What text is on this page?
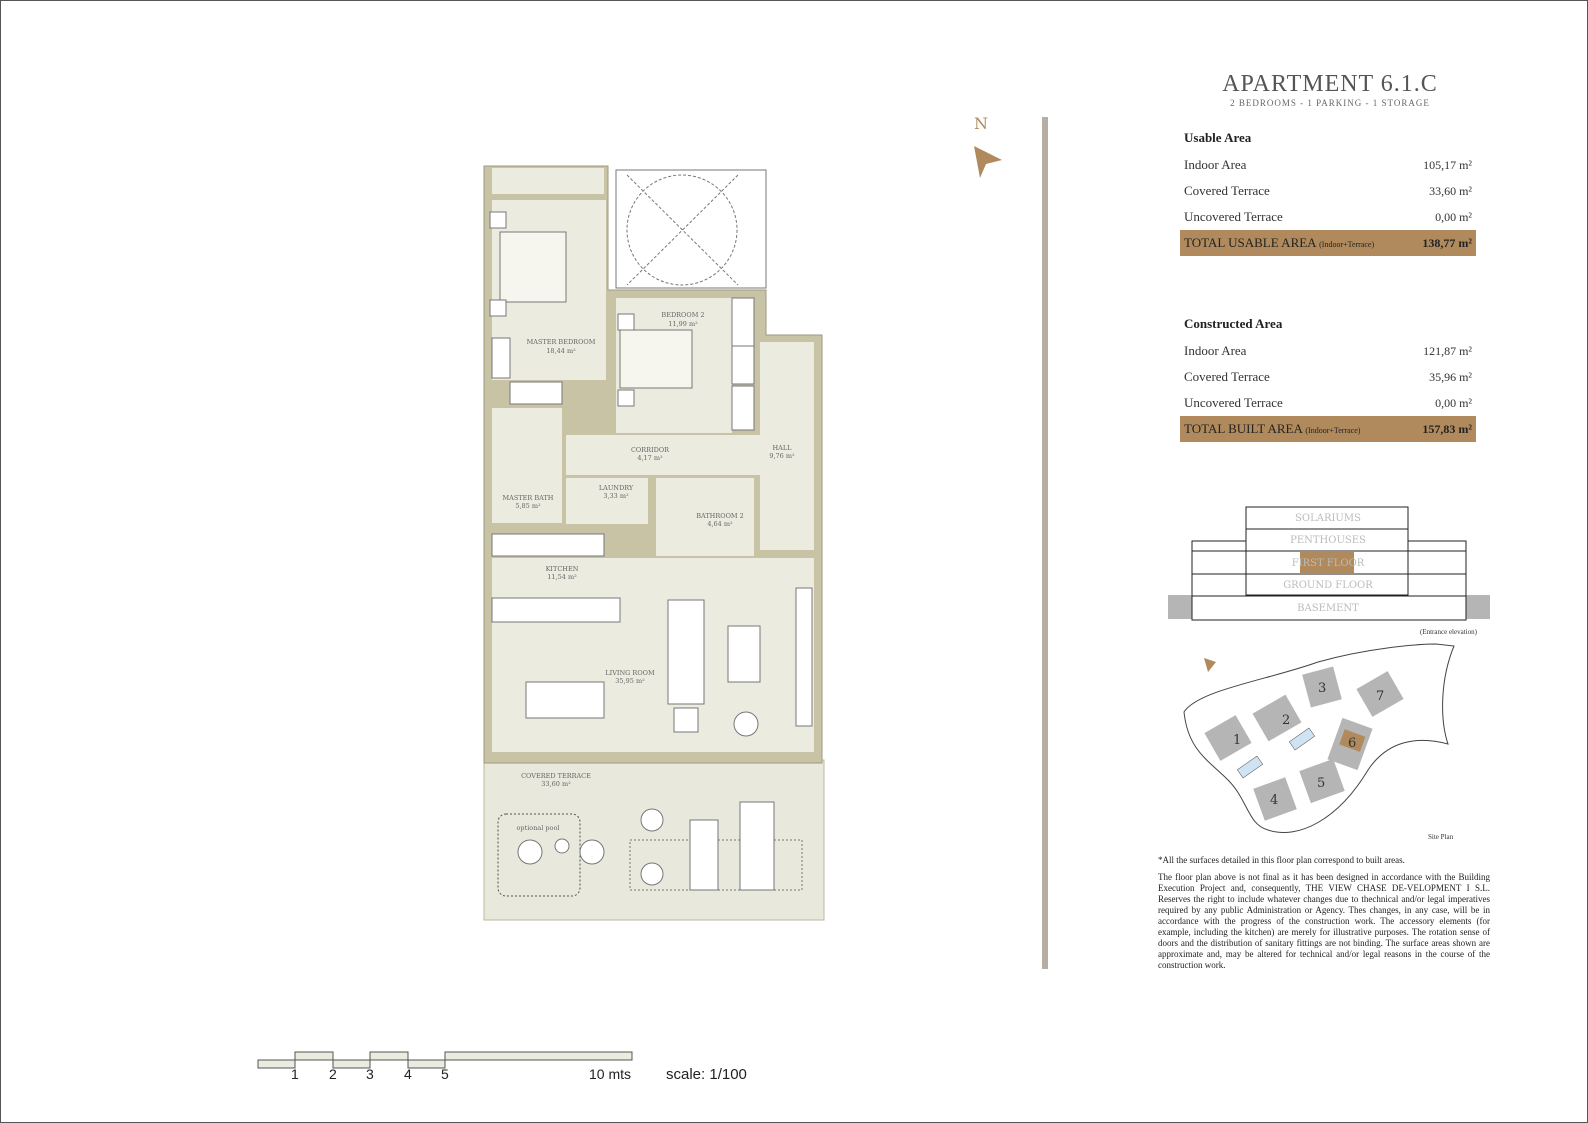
MASTER BEDROOM
18,44 m²
BEDROOM 2
11,99 m²
CORRIDOR
4,17 m²
HALL
9,76 m²
LAUNDRY
3,33 m²
MASTER BATH
5,85 m²
BATHROOM 2
4,64 m²
KITCHEN
11,54 m²
LIVING ROOM
35,95 m²
COVERED TERRACE
33,60 m²
optional pool
N
APARTMENT 6.1.C
2 BEDROOMS - 1 PARKING - 1 STORAGE
Usable Area
Indoor Area	105,17 m²
Covered Terrace	33,60 m²
Uncovered Terrace	0,00 m²
TOTAL USABLE AREA (Indoor+Terrace)	138,77 m²
Constructed Area
Indoor Area	121,87 m²
Covered Terrace	35,96 m²
Uncovered Terrace	0,00 m²
TOTAL BUILT AREA (Indoor+Terrace)	157,83 m²
SOLARIUMS
PENTHOUSES
FIRST FLOOR
GROUND FLOOR
BASEMENT
(Entrance elevation)
1
2
3
4
5
6
7
Site Plan

*All the surfaces detailed in this floor plan correspond to built areas.

The floor plan above is not final as it has been designed in accordance with the Building Execution Project and, consequently, THE VIEW CHASE DE-VELOPMENT I S.L. Reserves the right to include whatever changes due to thechnical and/or legal imperatives required by any public Administration or Agency. Thes changes, in any case, will be in accordance with the progress of the construction work. The accessory elements (for example, including the kitchen) are merely for illustrative purposes. The rotation sense of doors and the distribution of sanitary fittings are not binding. The surface areas shown are approximate and, may be altered for technical and/or legal reasons in the course of the construction work.

1 2 3 4 5	10 mts scale: 1/100
